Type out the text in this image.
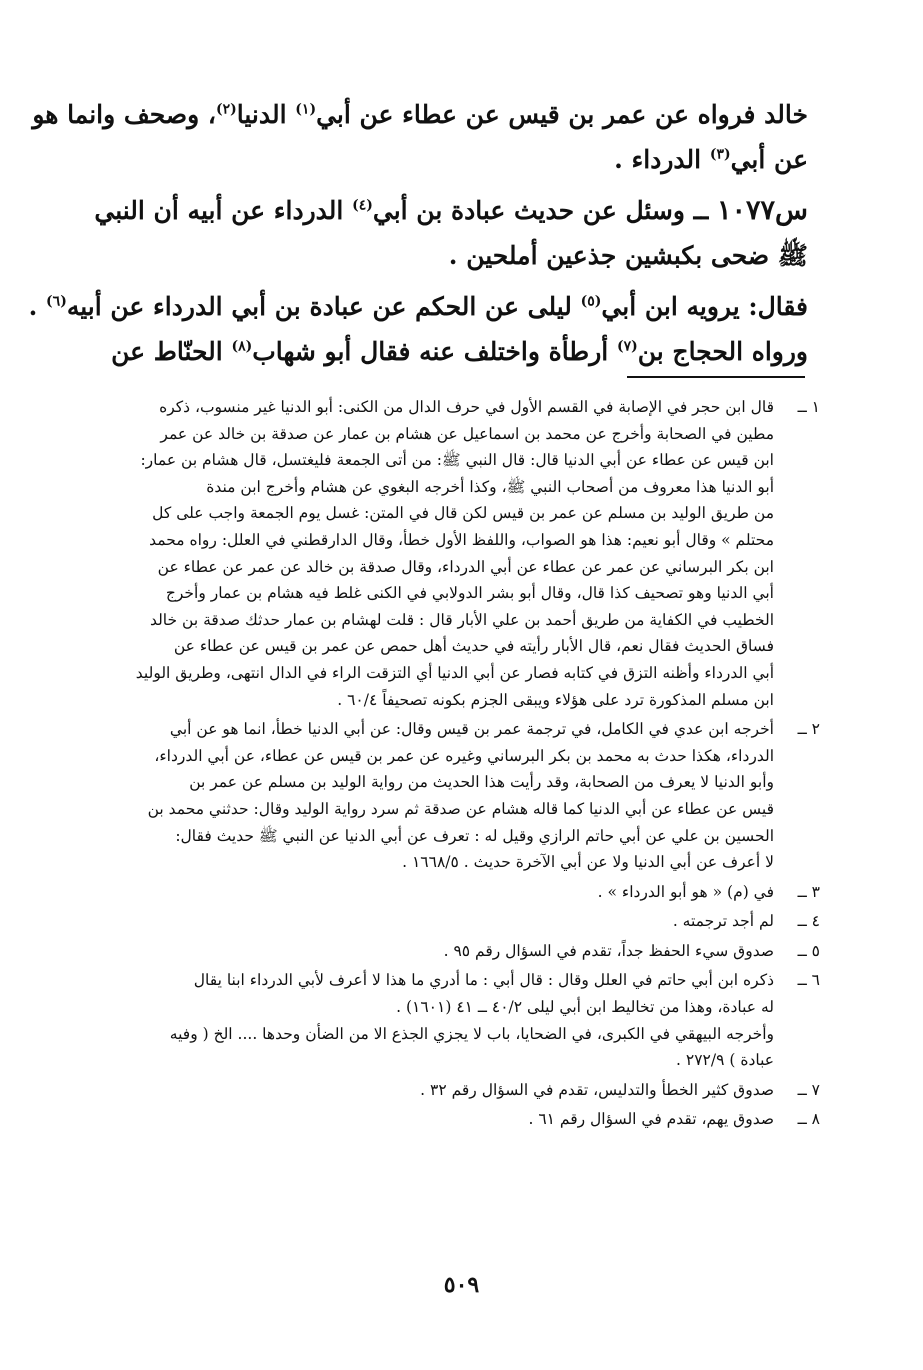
خالد فرواه عن عمر بن قيس عن عطاء عن أبي$^{(١)}$ الدنيا$^{(٢)}$، وصحف وانما هو
عن أبي$^{(٣)}$ الدرداء .
س١٠٧٧ ــ وسئل عن حديث عبادة بن أبي$^{(٤)}$ الدرداء عن أبيه أن النبي
ﷺ ضحى بكبشين جذعين أملحين .
فقال: يرويه ابن أبي$^{(٥)}$ ليلى عن الحكم عن عبادة بن أبي الدرداء عن أبيه$^{(٦)}$ .
ورواه الحجاج بن$^{(٧)}$ أرطأة واختلف عنه فقال أبو شهاب$^{(٨)}$ الحنّاط عن
١ ــ

قال ابن حجر في الإصابة في القسم الأول في حرف الدال من الكنى: أبو الدنيا غير منسوب، ذكره

مطين في الصحابة وأخرج عن محمد بن اسماعيل عن هشام بن عمار عن صدقة بن خالد عن عمر

ابن قيس عن عطاء عن أبي الدنيا قال: قال النبي ﷺ: من أتى الجمعة فليغتسل، قال هشام بن عمار:

أبو الدنيا هذا معروف من أصحاب النبي ﷺ، وكذا أخرجه البغوي عن هشام وأخرج ابن مندة

من طريق الوليد بن مسلم عن عمر بن قيس لكن قال في المتن: غسل يوم الجمعة واجب على كل

محتلم » وقال أبو نعيم: هذا هو الصواب، واللفظ الأول خطأ، وقال الدارقطني في العلل: رواه محمد

ابن بكر البرساني عن عمر عن عطاء عن أبي الدرداء، وقال صدقة بن خالد عن عمر عن عطاء عن

أبي الدنيا وهو تصحيف كذا قال، وقال أبو بشر الدولابي في الكنى غلط فيه هشام بن عمار وأخرج

الخطيب في الكفاية من طريق أحمد بن علي الأبار قال : قلت لهشام بن عمار حدثك صدقة بن خالد

فساق الحديث فقال نعم، قال الأبار رأيته في حديث أهل حمص عن عمر بن قيس عن عطاء عن

أبي الدرداء وأظنه التزق في كتابه فصار عن أبي الدنيا أي التزقت الراء في الدال انتهى، وطريق الوليد

ابن مسلم المذكورة ترد على هؤلاء ويبقى الجزم بكونه تصحيفاً ٦٠/٤ .

٢ ــ

أخرجه ابن عدي في الكامل، في ترجمة عمر بن قيس وقال: عن أبي الدنيا خطأ، انما هو عن أبي

الدرداء، هكذا حدث به محمد بن بكر البرساني وغيره عن عمر بن قيس عن عطاء، عن أبي الدرداء،

وأبو الدنيا لا يعرف من الصحابة، وقد رأيت هذا الحديث من رواية الوليد بن مسلم عن عمر بن

قيس عن عطاء عن أبي الدنيا كما قاله هشام عن صدقة ثم سرد رواية الوليد وقال: حدثني محمد بن

الحسين بن علي عن أبي حاتم الرازي وقيل له : تعرف عن أبي الدنيا عن النبي ﷺ حديث فقال:

لا أعرف عن أبي الدنيا ولا عن أبي الآخرة حديث . ١٦٦٨/٥ .

٣ ــ

في (م) « هو أبو الدرداء » .

٤ ــ

لم أجد ترجمته .

٥ ــ

صدوق سيء الحفظ جداً، تقدم في السؤال رقم ٩٥ .

٦ ــ

ذكره ابن أبي حاتم في العلل وقال : قال أبي : ما أدري ما هذا لا أعرف لأبي الدرداء ابنا يقال

له عبادة، وهذا من تخاليط ابن أبي ليلى ٤٠/٢ ــ ٤١ (١٦٠١) .

وأخرجه البيهقي في الكبرى، في الضحايا، باب لا يجزي الجذع الا من الضأن وحدها .... الخ ( وفيه

عبادة ) ٢٧٢/٩ .

٧ ــ

صدوق كثير الخطأ والتدليس، تقدم في السؤال رقم ٣٢ .

٨ ــ

صدوق يهم، تقدم في السؤال رقم ٦١ .

٥٠٩
